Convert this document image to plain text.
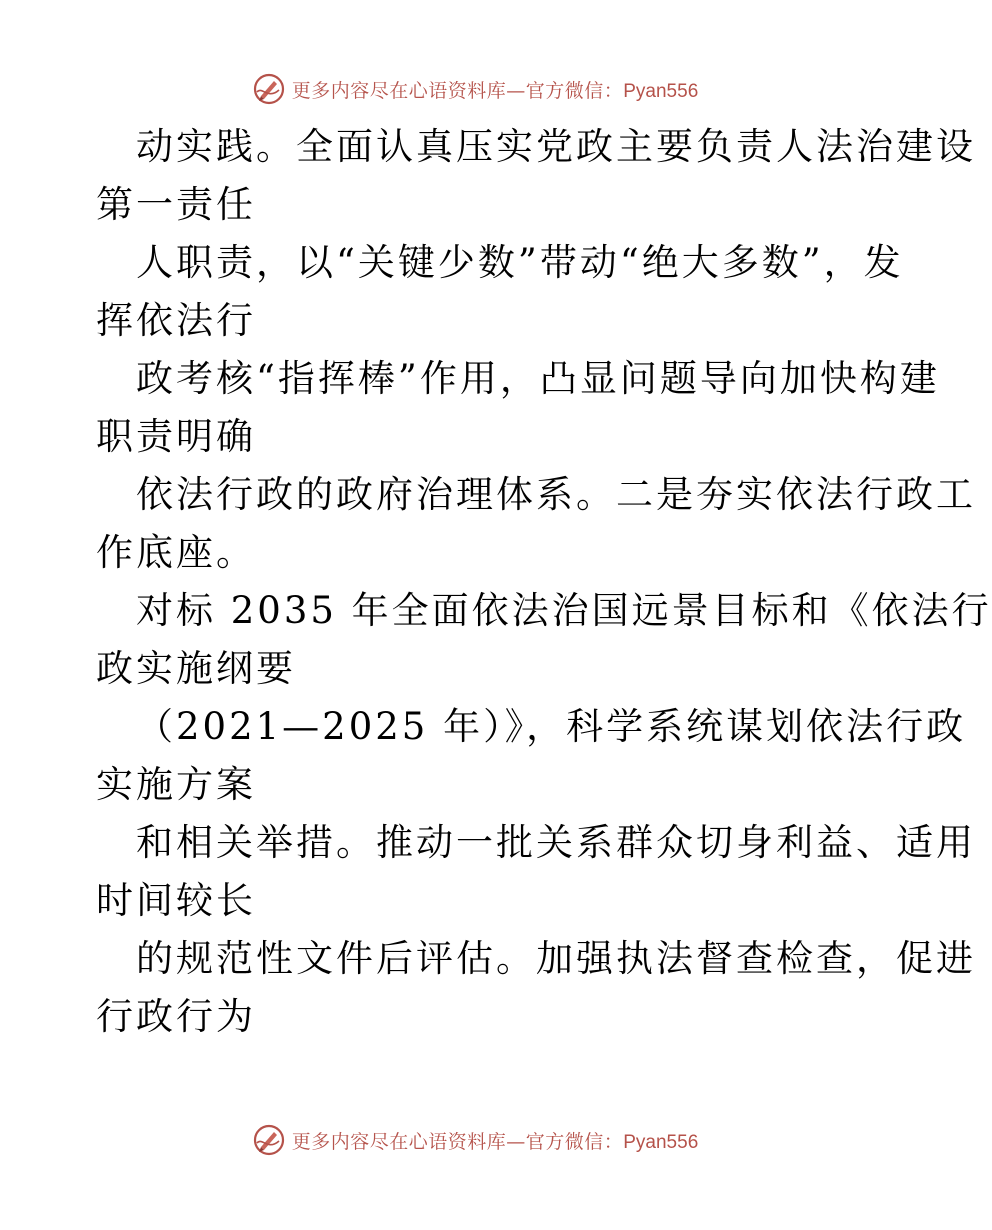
更多内容尽在心语资料库—官方微信：Pyan556
动实践。全面认真压实党政主要负责人法治建设
第一责任
人职责，以“关键少数”带动“绝大多数”，发
挥依法行
政考核“指挥棒”作用，凸显问题导向加快构建
职责明确
依法行政的政府治理体系。二是夯实依法行政工
作底座。
对标 2035 年全面依法治国远景目标和《依法行
政实施纲要
（2021—2025 年）》，科学系统谋划依法行政
实施方案
和相关举措。推动一批关系群众切身利益、适用
时间较长
的规范性文件后评估。加强执法督查检查，促进
行政行为
更多内容尽在心语资料库—官方微信：Pyan556
